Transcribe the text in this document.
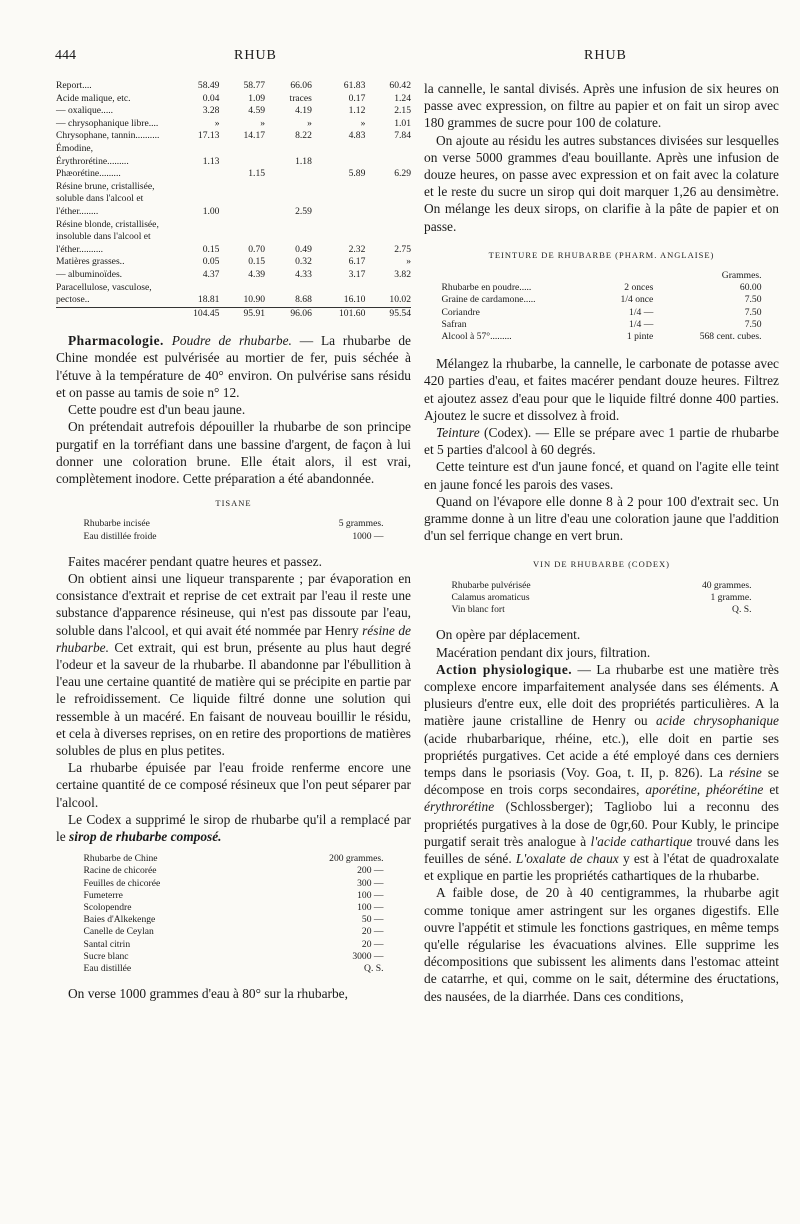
444	RHUB	RHUB
Report....	58.49	58.77	66.06	61.83	60.42
Acide malique, etc.	0.04	1.09	traces	0.17	1.24
— oxalique.....	3.28	4.59	4.19	1.12	2.15
— chrysophanique libre....	»	»	»	»	1.01
Chrysophane, tannin..........	17.13	14.17	8.22	4.83	7.84
Émodine, Érythrorétine.........	1.13		1.18		
Phæorétine.........		1.15		5.89	6.29
Résine brune, cristallisée, soluble dans l'alcool et l'éther........	1.00		2.59		
Résine blonde, cristallisée, insoluble dans l'alcool et l'éther..........	0.15	0.70	0.49	2.32	2.75
Matières grasses..	0.05	0.15	0.32	6.17	»
— albuminoïdes.	4.37	4.39	4.33	3.17	3.82
Paracellulose, vasculose, pectose..	18.81	10.90	8.68	16.10	10.02
	104.45	95.91	96.06	101.60	95.54

Pharmacologie. Poudre de rhubarbe. — La rhubarbe de Chine mondée est pulvérisée au mortier de fer, puis séchée à l'étuve à la température de 40° environ. On pulvérise sans résidu et on passe au tamis de soie n° 12.

Cette poudre est d'un beau jaune.

On prétendait autrefois dépouiller la rhubarbe de son principe purgatif en la torréfiant dans une bassine d'argent, de façon à lui donner une coloration brune. Elle était alors, il est vrai, complètement inodore. Cette préparation a été abandonnée.

TISANE
Rhubarbe incisée	5 grammes.
Eau distillée froide	1000 —

Faites macérer pendant quatre heures et passez.

On obtient ainsi une liqueur transparente ; par évaporation en consistance d'extrait et reprise de cet extrait par l'eau il reste une substance d'apparence résineuse, qui n'est pas dissoute par l'eau, soluble dans l'alcool, et qui avait été nommée par Henry résine de rhubarbe. Cet extrait, qui est brun, présente au plus haut degré l'odeur et la saveur de la rhubarbe. Il abandonne par l'ébullition à l'eau une certaine quantité de matière qui se précipite en partie par le refroidissement. Ce liquide filtré donne une solution qui ressemble à un macéré. En faisant de nouveau bouillir le résidu, et cela à diverses reprises, on en retire des proportions de matières solubles de plus en plus petites.

La rhubarbe épuisée par l'eau froide renferme encore une certaine quantité de ce composé résineux que l'on peut séparer par l'alcool.

Le Codex a supprimé le sirop de rhubarbe qu'il a remplacé par le sirop de rhubarbe composé.

Rhubarbe de Chine	200 grammes.
Racine de chicorée	200 —
Feuilles de chicorée	300 —
Fumeterre	100 —
Scolopendre	100 —
Baies d'Alkekenge	50 —
Canelle de Ceylan	20 —
Santal citrin	20 —
Sucre blanc	3000 —
Eau distillée	Q. S.

On verse 1000 grammes d'eau à 80° sur la rhubarbe,

la cannelle, le santal divisés. Après une infusion de six heures on passe avec expression, on filtre au papier et on fait un sirop avec 180 grammes de sucre pour 100 de colature.

On ajoute au résidu les autres substances divisées sur lesquelles on verse 5000 grammes d'eau bouillante. Après une infusion de douze heures, on passe avec expression et on fait avec la colature et le reste du sucre un sirop qui doit marquer 1,26 au densimètre. On mélange les deux sirops, on clarifie à la pâte de papier et on passe.

TEINTURE DE RHUBARBE (PHARM. ANGLAISE)
		Grammes.
Rhubarbe en poudre.....	2 onces	60.00
Graine de cardamone.....	1/4 once	7.50
Coriandre	1/4 —	7.50
Safran	1/4 —	7.50
Alcool à 57°.........	1 pinte	568 cent. cubes.

Mélangez la rhubarbe, la cannelle, le carbonate de potasse avec 420 parties d'eau, et faites macérer pendant douze heures. Filtrez et ajoutez assez d'eau pour que le liquide filtré donne 400 parties. Ajoutez le sucre et dissolvez à froid.

Teinture (Codex). — Elle se prépare avec 1 partie de rhubarbe et 5 parties d'alcool à 60 degrés.

Cette teinture est d'un jaune foncé, et quand on l'agite elle teint en jaune foncé les parois des vases.

Quand on l'évapore elle donne 8 à 2 pour 100 d'extrait sec. Un gramme donne à un litre d'eau une coloration jaune que l'addition d'un sel ferrique change en vert brun.

VIN DE RHUBARBE (CODEX)
Rhubarbe pulvérisée	40 grammes.
Calamus aromaticus	1 gramme.
Vin blanc fort	Q. S.

On opère par déplacement.

Macération pendant dix jours, filtration.

Action physiologique. — La rhubarbe est une matière très complexe encore imparfaitement analysée dans ses éléments. A plusieurs d'entre eux, elle doit des propriétés particulières. A la matière jaune cristalline de Henry ou acide chrysophanique (acide rhubarbarique, rhéine, etc.), elle doit en partie ses propriétés purgatives. Cet acide a été employé dans ces derniers temps dans le psoriasis (Voy. Goa, t. II, p. 826). La résine se décompose en trois corps secondaires, aporétine, phéorétine et érythrorétine (Schlossberger); Tagliobo lui a reconnu des propriétés purgatives à la dose de 0gr,60. Pour Kubly, le principe purgatif serait très analogue à l'acide cathartique trouvé dans les feuilles de séné. L'oxalate de chaux y est à l'état de quadroxalate et explique en partie les propriétés cathartiques de la rhubarbe.

A faible dose, de 20 à 40 centigrammes, la rhubarbe agit comme tonique amer astringent sur les organes digestifs. Elle ouvre l'appétit et stimule les fonctions gastriques, en même temps qu'elle régularise les évacuations alvines. Elle supprime les décompositions que subissent les aliments dans l'estomac atteint de catarrhe, et qui, comme on le sait, détermine des éructations, des nausées, de la diarrhée. Dans ces conditions,
